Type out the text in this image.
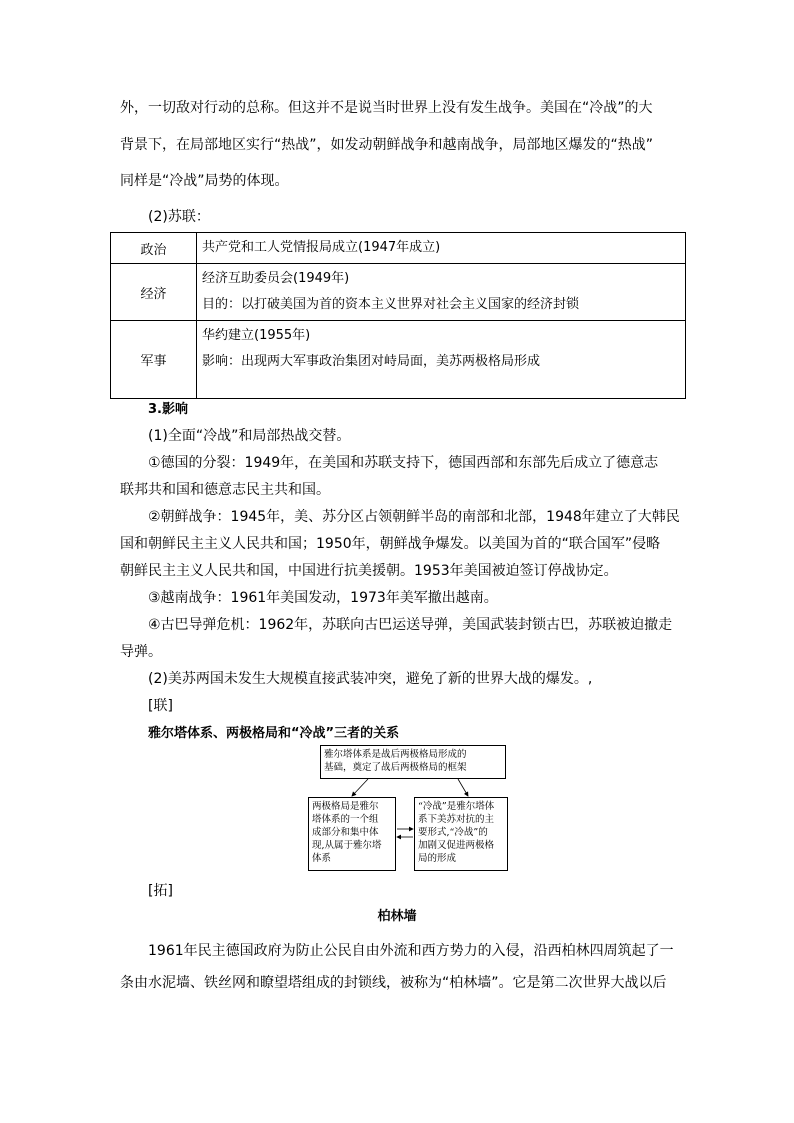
外，一切敌对行动的总称。但这并不是说当时世界上没有发生战争。美国在“冷战”的大
背景下，在局部地区实行“热战”，如发动朝鲜战争和越南战争，局部地区爆发的“热战”
同样是“冷战”局势的体现。
(2)苏联：
政治	共产党和工人党情报局成立(1947年成立)

经济	经济互助委员会(1949年)
目的：以打破美国为首的资本主义世界对社会主义国家的经济封锁

军事	华约建立(1955年)
影响：出现两大军事政治集团对峙局面，美苏两极格局形成
3.影响
(1)全面“冷战”和局部热战交替。
①德国的分裂：1949年，在美国和苏联支持下，德国西部和东部先后成立了德意志
联邦共和国和德意志民主共和国。
②朝鲜战争：1945年，美、苏分区占领朝鲜半岛的南部和北部，1948年建立了大韩民
国和朝鲜民主主义人民共和国；1950年，朝鲜战争爆发。以美国为首的“联合国军”侵略
朝鲜民主主义人民共和国，中国进行抗美援朝。1953年美国被迫签订停战协定。
③越南战争：1961年美国发动，1973年美军撤出越南。
④古巴导弹危机：1962年，苏联向古巴运送导弹，美国武装封锁古巴，苏联被迫撤走
导弹。
(2)美苏两国未发生大规模直接武装冲突，避免了新的世界大战的爆发。,
[联]
雅尔塔体系、两极格局和“冷战”三者的关系
雅尔塔体系是战后两极格局形成的
基础，奠定了战后两极格局的框架
两极格局是雅尔
塔体系的一个组
成部分和集中体
现,从属于雅尔塔
体系
“冷战”是雅尔塔体
系下美苏对抗的主
要形式,“冷战”的
加剧又促进两极格
局的形成
[拓]
柏林墙
1961年民主德国政府为防止公民自由外流和西方势力的入侵，沿西柏林四周筑起了一
条由水泥墙、铁丝网和瞭望塔组成的封锁线，被称为“柏林墙”。它是第二次世界大战以后
